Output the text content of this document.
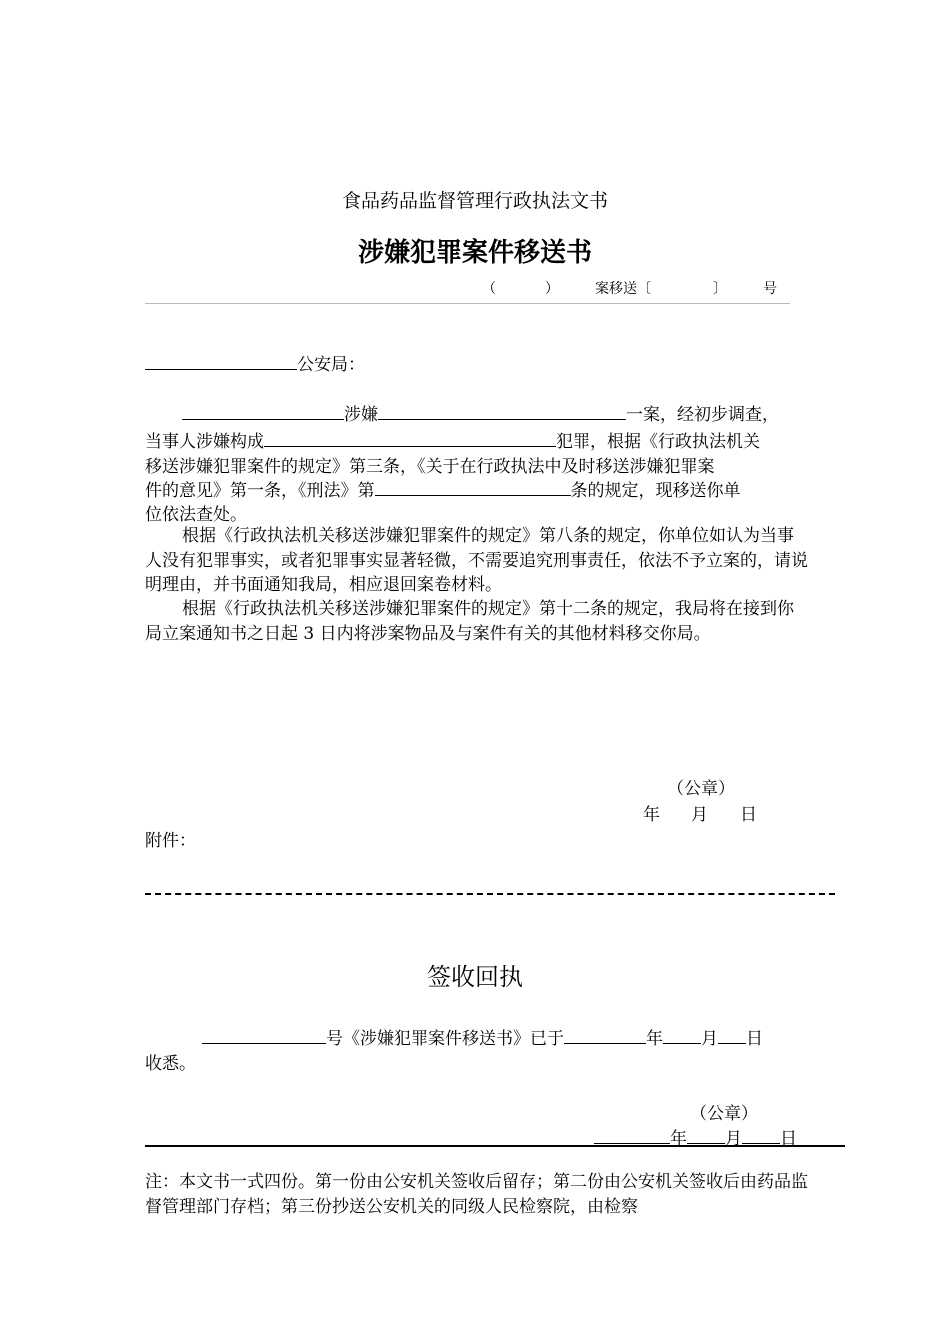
食品药品监督管理行政执法文书
涉嫌犯罪案件移送书
（	）	案移送〔	〕	号
公安局：
涉嫌	一案，经初步调查，
当事人涉嫌构成	犯罪，根据《行政执法机关
移送涉嫌犯罪案件的规定》第三条，《关于在行政执法中及时移送涉嫌犯罪案
件的意见》第一条，《刑法》第	条的规定，现移送你单
位依法查处。
根据《行政执法机关移送涉嫌犯罪案件的规定》第八条的规定，你单位如认为当事人没有犯罪事实，或者犯罪事实显著轻微，不需要追究刑事责任，依法不予立案的，请说明理由，并书面通知我局，相应退回案卷材料。
根据《行政执法机关移送涉嫌犯罪案件的规定》第十二条的规定，我局将在接到你局立案通知书之日起 3 日内将涉案物品及与案件有关的其他材料移交你局。
（公章）
年 月 日
附件：
签收回执
号《涉嫌犯罪案件移送书》已于	年 月 日
收悉。
（公章）
年 月 日
注：本文书一式四份。第一份由公安机关签收后留存；第二份由公安机关签收后由药品监督管理部门存档；第三份抄送公安机关的同级人民检察院，由检察
